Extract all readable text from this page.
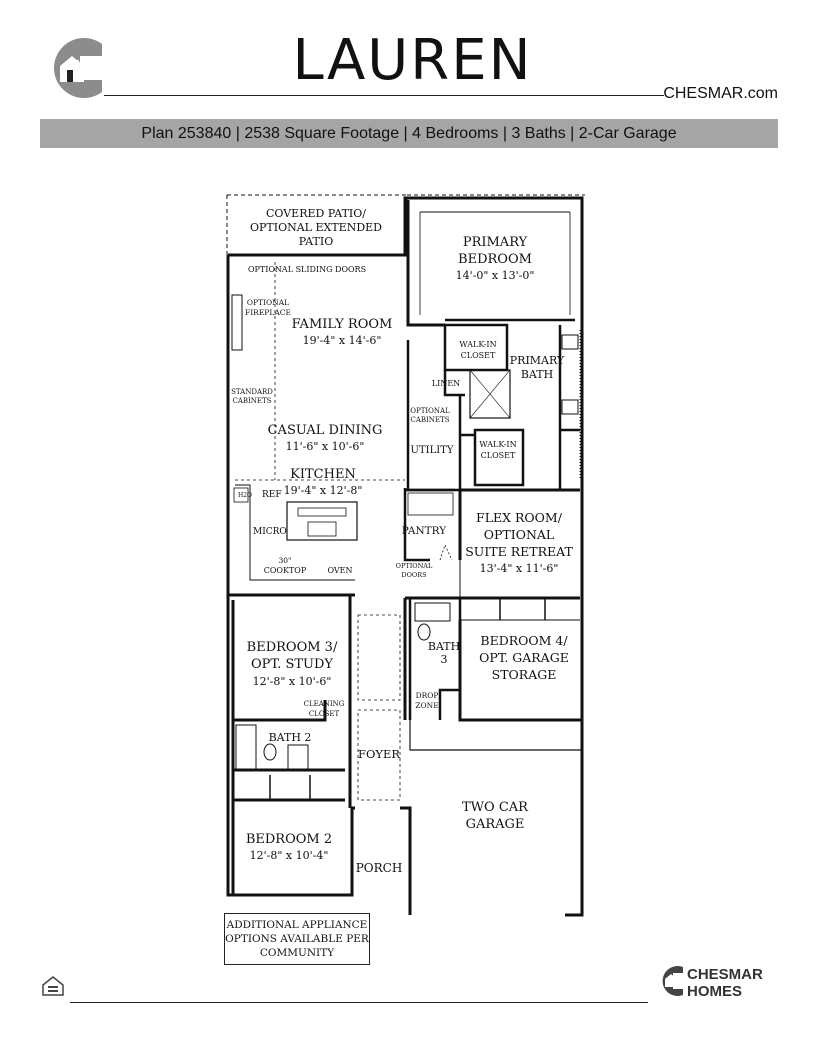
LAUREN
CHESMAR.com
Plan 253840 | 2538 Square Footage | 4 Bedrooms | 3 Baths | 2-Car Garage
COVERED PATIO/
OPTIONAL EXTENDED
PATIO
OPTIONAL SLIDING DOORS
OPTIONAL
FIREPLACE
STANDARD
CABINETS
FAMILY ROOM
19'-4" x 14'-6"
CASUAL DINING
11'-6" x 10'-6"
KITCHEN
19'-4" x 12'-8"
H2O REF
MICRO
30"
COOKTOP	OVEN
PRIMARY
BEDROOM
14'-0" x 13'-0"
WALK-IN
CLOSET PRIMARY
BATH
LINEN
OPTIONAL
CABINETS
UTILITY
WALK-IN
CLOSET
PANTRY
OPTIONAL
DOORS
FLEX ROOM/
OPTIONAL
SUITE RETREAT
13'-4" x 11'-6"
BEDROOM 3/
OPT. STUDY
12'-8" x 10'-6"
CLEANING
CLOSET
BATH 2
BATH
3
DROP
ZONE
BEDROOM 4/
OPT. GARAGE
STORAGE
FOYER
TWO CAR
GARAGE
BEDROOM 2
12'-8" x 10'-4"
PORCH
ADDITIONAL APPLIANCE
OPTIONS AVAILABLE PER
COMMUNITY
CHESMAR
HOMES
